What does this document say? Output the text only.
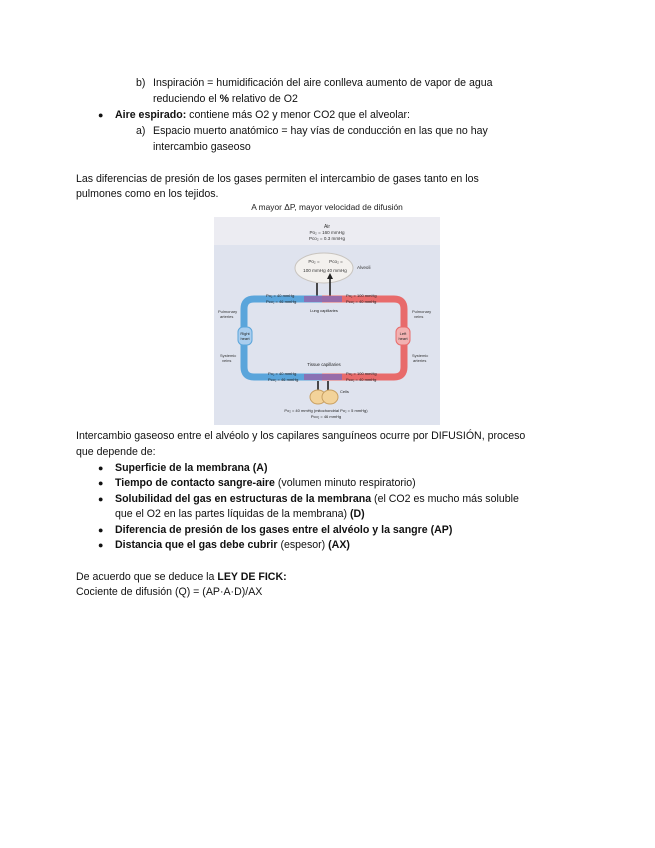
b) Inspiración = humidificación del aire conlleva aumento de vapor de agua
reduciendo el % relativo de O2
● Aire espirado: contiene más O2 y menor CO2 que el alveolar:
a) Espacio muerto anatómico = hay vías de conducción en las que no hay
intercambio gaseoso
Las diferencias de presión de los gases permiten el intercambio de gases tanto en los
pulmones como en los tejidos.
A mayor ΔP, mayor velocidad de difusión
Air
Po₂ = 160 mmHg
Pco₂ = 0.3 mmHg
Po₂ = Pco₂ =
100 mmHg 40 mmHg
Alveoli
Right
heart
Left
heart
Po₂ = 40 mmHg
Pco₂ = 46 mmHg
Po₂ = 100 mmHg
Pco₂ = 40 mmHg
Lung capillaries
Pulmonary
arteries
Pulmonary
veins
Systemic
veins
Systemic
arteries
Tissue capillaries
Po₂ = 40 mmHg
Pco₂ = 46 mmHg
Po₂ = 100 mmHg
Pco₂ = 40 mmHg
Cells
Po₂ = 40 mmHg (mitochondrial Po₂ = 5 mmHg)
Pco₂ = 46 mmHg
Intercambio gaseoso entre el alvéolo y los capilares sanguíneos ocurre por DIFUSIÓN, proceso
que depende de:
● Superficie de la membrana (A)
● Tiempo de contacto sangre-aire (volumen minuto respiratorio)
● Solubilidad del gas en estructuras de la membrana (el CO2 es mucho más soluble
que el O2 en las partes líquidas de la membrana) (D)
● Diferencia de presión de los gases entre el alvéolo y la sangre (AP)
● Distancia que el gas debe cubrir (espesor) (AX)
De acuerdo que se deduce la LEY DE FICK:
Cociente de difusión (Q) = (AP·A·D)/AX
